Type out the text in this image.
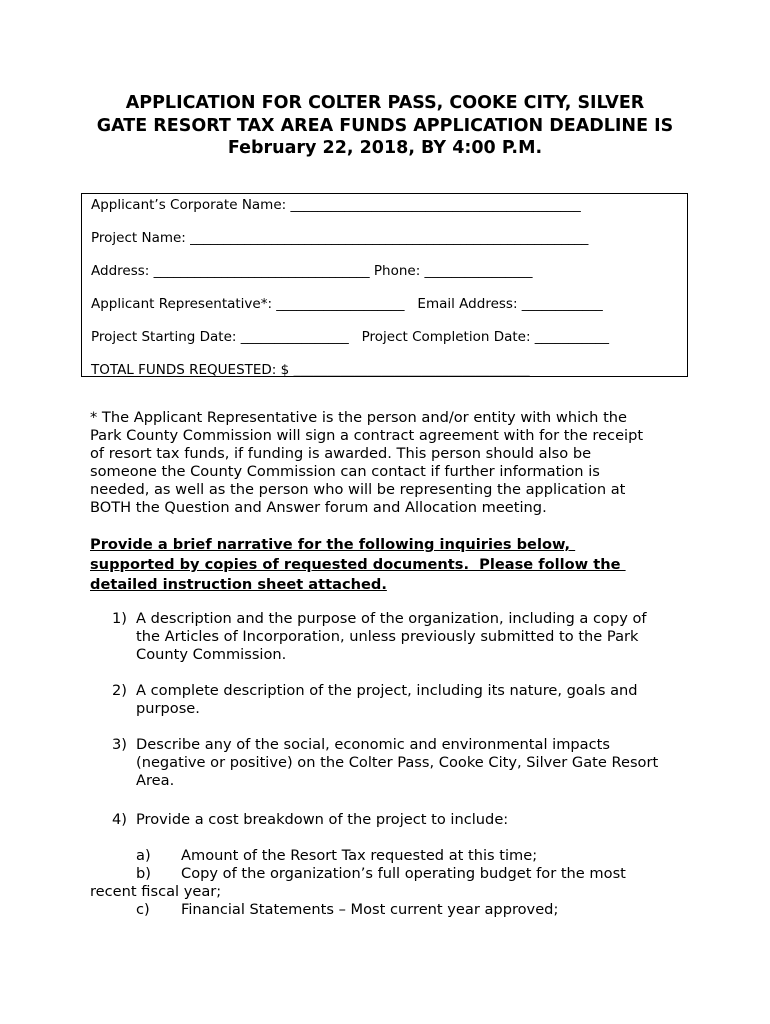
APPLICATION FOR COLTER PASS, COOKE CITY, SILVER
GATE RESORT TAX AREA FUNDS APPLICATION DEADLINE IS
February 22, 2018, BY 4:00 P.M.
Applicant’s Corporate Name: ___________________________________________
Project Name: ___________________________________________________________
Address: ________________________________ Phone: ________________
Applicant Representative*: ___________________   Email Address: ____________
Project Starting Date: ________________   Project Completion Date: ___________
TOTAL FUNDS REQUESTED: $ ___________________________________
* The Applicant Representative is the person and/or entity with which the
Park County Commission will sign a contract agreement with for the receipt
of resort tax funds, if funding is awarded. This person should also be
someone the County Commission can contact if further information is
needed, as well as the person who will be representing the application at
BOTH the Question and Answer forum and Allocation meeting.
Provide a brief narrative for the following inquiries below,
supported by copies of requested documents.  Please follow the
detailed instruction sheet attached.
1) A description and the purpose of the organization, including a copy of
the Articles of Incorporation, unless previously submitted to the Park
County Commission.
2) A complete description of the project, including its nature, goals and
purpose.
3) Describe any of the social, economic and environmental impacts
(negative or positive) on the Colter Pass, Cooke City, Silver Gate Resort
Area.
4) Provide a cost breakdown of the project to include:
a) Amount of the Resort Tax requested at this time;
b) Copy of the organization’s full operating budget for the most
recent fiscal year;
c) Financial Statements – Most current year approved;
